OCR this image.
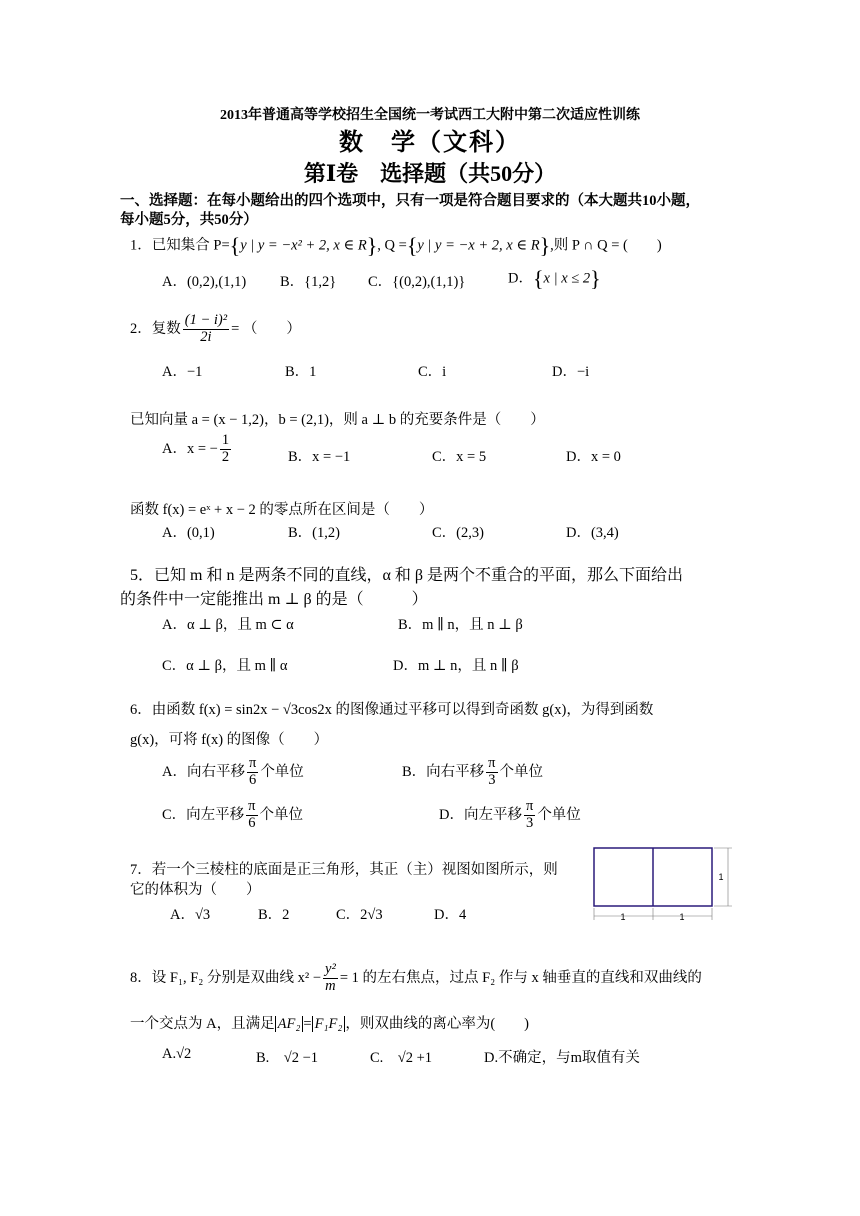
2013年普通高等学校招生全国统一考试西工大附中第二次适应性训练
数　学（文科）
第Ⅰ卷　选择题（共50分）
一、选择题：在每小题给出的四个选项中，只有一项是符合题目要求的（本大题共10小题，
每小题5分，共50分）
1．已知集合 P={y | y = −x² + 2, x ∈ R}, Q ={y | y = −x + 2, x ∈ R},则 P ∩ Q = (　　)
A．(0,2),(1,1) B．{1,2} C．{(0,2),(1,1)}	D．{x | x ≤ 2}
2．复数 $\frac{\text{(1 − i)²}}{2i}$ = （　　）
A．−1	B．1	C．i	D．−i
已知向量 a = (x − 1,2)，b = (2,1)，则 a ⊥ b 的充要条件是（　　）
A．x = − $\frac{1}{2}$	B．x = −1	C．x = 5	D．x = 0
函数 f(x) = eˣ + x − 2 的零点所在区间是（　　）
A．(0,1)	B．(1,2)	C．(2,3)	D．(3,4)
5．已知 m 和 n 是两条不同的直线，α 和 β 是两个不重合的平面，那么下面给出
的条件中一定能推出 m ⊥ β 的是（　　　）
A．α ⊥ β，且 m ⊂ α	B．m ∥ n，且 n ⊥ β
C．α ⊥ β，且 m ∥ α	D．m ⊥ n，且 n ∥ β
6．由函数 f(x) = sin2x − √3cos2x 的图像通过平移可以得到奇函数 g(x)，为得到函数
g(x)，可将 f(x) 的图像（　　）
A．向右平移 $\frac{\pi}{6}$ 个单位	B．向右平移 $\frac{\pi}{3}$ 个单位
C．向左平移 $\frac{\pi}{6}$ 个单位	D．向左平移 $\frac{\pi}{3}$ 个单位
7．若一个三棱柱的底面是正三角形，其正（主）视图如图所示，则
它的体积为（　　）
A．√3	B．2	C．2√3	D．4	1	1
1
8．设 F₁, F₂ 分别是双曲线 $x^2 - \frac{\text{y²}}{m} = 1$ 的左右焦点，过点 F₂ 作与 x 轴垂直的直线和双曲线的
一个交点为 A，且满足 AF₂ = F₁F₂ ，则双曲线的离心率为(　　)
A.√2	B.　√2 −1	C.　√2 +1	D.不确定，与m取值有关
